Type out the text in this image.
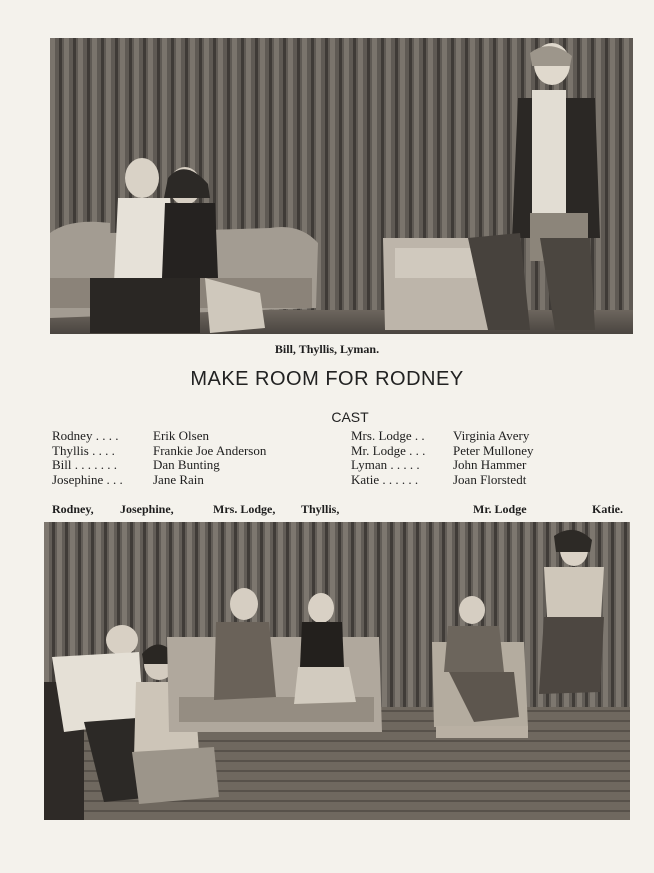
Bill, Thyllis, Lyman.
MAKE ROOM FOR RODNEY
CAST
Rodney . . . .	Erik Olsen
Thyllis . . . .	Frankie Joe Anderson
Bill . . . . . . .	Dan Bunting
Josephine . . .	Jane Rain
Mrs. Lodge . .	Virginia Avery
Mr. Lodge . . .	Peter Mulloney
Lyman . . . . .	John Hammer
Katie . . . . . .	Joan Florstedt
Rodney, Josephine,	Mrs. Lodge, Thyllis,	Mr. Lodge	Katie.
